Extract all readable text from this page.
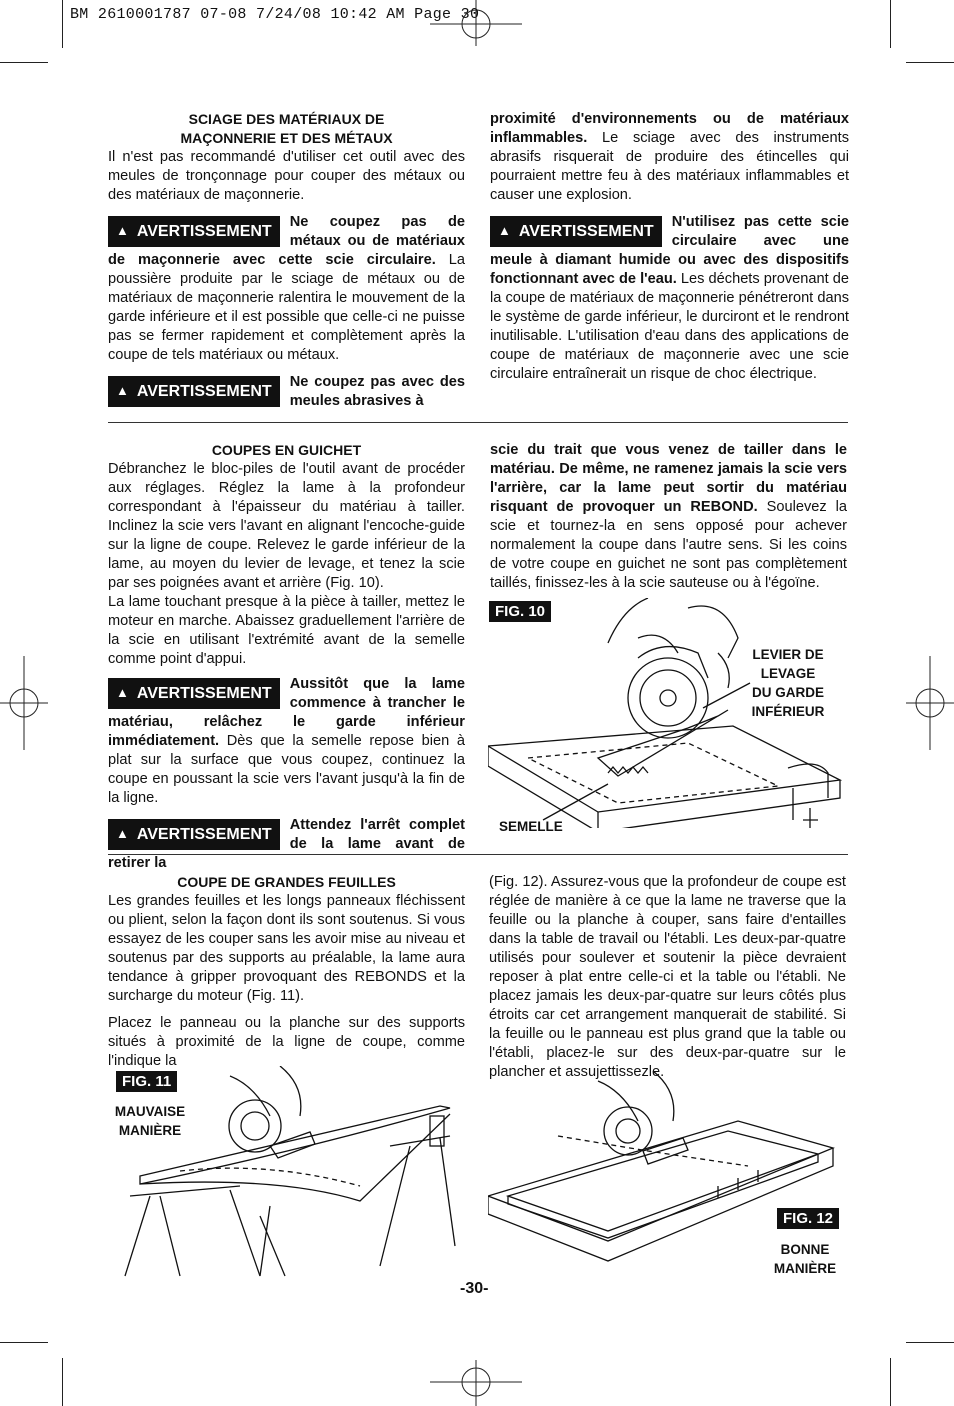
BM 2610001787 07-08 7/24/08 10:42 AM Page 30
SCIAGE DES MATÉRIAUX DE
MAÇONNERIE ET DES MÉTAUX

Il n'est pas recommandé d'utiliser cet outil avec des meules de tronçonnage pour couper des métaux ou des matériaux de maçonnerie.

▲ AVERTISSEMENT

Ne coupez pas de métaux ou de matériaux de maçonnerie avec cette scie circulaire. La poussière produite par le sciage de métaux ou de matériaux de maçonnerie ralentira le mouvement de la garde inférieure et il est possible que celle-ci ne puisse pas se fermer rapidement et complètement après la coupe de tels matériaux ou métaux.

▲ AVERTISSEMENT

Ne coupez pas avec des meules abrasives à

proximité d'environnements ou de matériaux inflammables. Le sciage avec des instruments abrasifs risquerait de produire des étincelles qui pourraient mettre feu à des matériaux inflammables et causer une explosion.

▲ AVERTISSEMENT

N'utilisez pas cette scie circulaire avec une meule à diamant humide ou avec des dispositifs fonctionnant avec de l'eau. Les déchets provenant de la coupe de matériaux de maçonnerie pénétreront dans le système de garde inférieur, le durciront et le rendront inutilisable. L'utilisation d'eau dans des applications de coupe de matériaux de maçonnerie avec une scie circulaire entraînerait un risque de choc électrique.

COUPES EN GUICHET

Débranchez le bloc-piles de l'outil avant de procéder aux réglages. Réglez la lame à la profondeur correspondant à l'épaisseur du matériau à tailler. Inclinez la scie vers l'avant en alignant l'encoche-guide sur la ligne de coupe. Relevez le garde inférieur de la lame, au moyen du levier de levage, et tenez la scie par ses poignées avant et arrière (Fig. 10).

La lame touchant presque à la pièce à tailler, mettez le moteur en marche. Abaissez graduellement l'arrière de la scie en utilisant l'extrémité avant de la semelle comme point d'appui.

▲ AVERTISSEMENT

Aussitôt que la lame commence à trancher le matériau, relâchez le garde inférieur immédiatement. Dès que la semelle repose bien à plat sur la surface que vous coupez, continuez la coupe en poussant la scie vers l'avant jusqu'à la fin de la ligne.

▲ AVERTISSEMENT

Attendez l'arrêt complet de la lame avant de retirer la

scie du trait que vous venez de tailler dans le matériau. De même, ne ramenez jamais la scie vers l'arrière, car la lame peut sortir du matériau risquant de provoquer un REBOND. Soulevez la scie et tournez-la en sens opposé pour achever normalement la coupe dans l'autre sens. Si les coins de votre coupe en guichet ne sont pas complètement taillés, finissez-les à la scie sauteuse ou à l'égoïne.

FIG. 10
LEVIER DE
LEVAGE
DU GARDE
INFÉRIEUR
SEMELLE
COUPE DE GRANDES FEUILLES

Les grandes feuilles et les longs panneaux fléchissent ou plient, selon la façon dont ils sont soutenus. Si vous essayez de les couper sans les avoir mise au niveau et soutenus par des supports au préalable, la lame aura tendance à gripper provoquant des REBONDS et la surcharge du moteur (Fig. 11).

Placez le panneau ou la planche sur des supports situés à proximité de la ligne de coupe, comme l'indique la

(Fig. 12). Assurez-vous que la profondeur de coupe est réglée de manière à ce que la lame ne traverse que la feuille ou la planche à couper, sans faire d'entailles dans la table de travail ou l'établi. Les deux-par-quatre utilisés pour soulever et soutenir la pièce devraient reposer à plat entre celle-ci et la table ou l'établi. Ne placez jamais les deux-par-quatre sur leurs côtés plus étroits car cet arrangement manquerait de stabilité. Si la feuille ou le panneau est plus grand que la table ou l'établi, placez-le sur des deux-par-quatre sur le plancher et assujettissezle.

FIG. 11
MAUVAISE
MANIÈRE
FIG. 12
BONNE
MANIÈRE
-30-
